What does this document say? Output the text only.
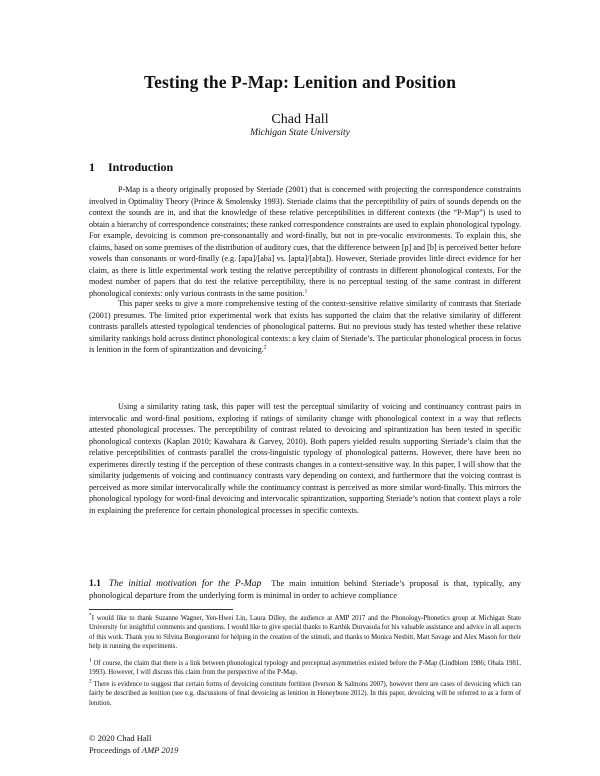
Testing the P-Map: Lenition and Position
Chad Hall
Michigan State University
1 Introduction

P-Map is a theory originally proposed by Steriade (2001) that is concerned with projecting the correspondence constraints involved in Optimality Theory (Prince & Smolensky 1993). Steriade claims that the perceptibility of pairs of sounds depends on the context the sounds are in, and that the knowledge of these relative perceptibilities in different contexts (the “P-Map”) is used to obtain a hierarchy of correspondence constraints; these ranked correspondence constraints are used to explain phonological typology. For example, devoicing is common pre-consonantally and word-finally, but not in pre-vocalic environments. To explain this, she claims, based on some premises of the distribution of auditory cues, that the difference between [p] and [b] is perceived better before vowels than consonants or word-finally (e.g. [apa]/[aba] vs. [apta]/[abta]). However, Steriade provides little direct evidence for her claim, as there is little experimental work testing the relative perceptibility of contrasts in different phonological contexts. For the modest number of papers that do test the relative perceptibility, there is no perceptual testing of the same contrast in different phonological contexts: only various contrasts in the same position.$^1$

This paper seeks to give a more comprehensive testing of the context-sensitive relative similarity of contrasts that Steriade (2001) presumes. The limited prior experimental work that exists has supported the claim that the relative similarity of different contrasts parallels attested typological tendencies of phonological patterns. But no previous study has tested whether these relative similarity rankings hold across distinct phonological contexts: a key claim of Steriade’s. The particular phonological process in focus is lenition in the form of spirantization and devoicing.$^2$

Using a similarity rating task, this paper will test the perceptual similarity of voicing and continuancy contrast pairs in intervocalic and word-final positions, exploring if ratings of similarity change with phonological context in a way that reflects attested phonological processes. The perceptibility of contrast related to devoicing and spirantization has been tested in specific phonological contexts (Kaplan 2010; Kawahara & Garvey, 2010). Both papers yielded results supporting Steriade’s claim that the relative perceptibilities of contrasts parallel the cross-linguistic typology of phonological patterns. However, there have been no experiments directly testing if the perception of these contrasts changes in a context-sensitive way. In this paper, I will show that the similarity judgements of voicing and continuancy contrasts vary depending on context, and furthermore that the voicing contrast is perceived as more similar intervocalically while the continuancy contrast is perceived as more similar word-finally. This mirrors the phonological typology for word-final devoicing and intervocalic spirantization, supporting Steriade’s notion that context plays a role in explaining the preference for certain phonological processes in specific contexts.

1.1 The initial motivation for the P-Map The main intuition behind Steriade’s proposal is that, typically, any phonological departure from the underlying form is minimal in order to achieve compliance

*I would like to thank Suzanne Wagner, Yen-Hwei Lin, Laura Dilley, the audience at AMP 2017 and the Phonology-Phonetics group at Michigan State University for insightful comments and questions. I would like to give special thanks to Karthik Durvasula for his valuable assistance and advice in all aspects of this work. Thank you to Silvina Bongiovanni for helping in the creation of the stimuli, and thanks to Monica Nesbitt, Matt Savage and Alex Mason for their help in running the experiments.

$^1$ Of course, the claim that there is a link between phonological typology and perceptual asymmetries existed before the P-Map (Lindblom 1986; Ohala 1981, 1993). However, I will discuss this claim from the perspective of the P-Map.

$^2$ There is evidence to suggest that certain forms of devoicing constitute fortition (Iverson & Salmons 2007), however there are cases of devoicing which can fairly be described as lenition (see e.g. discussions of final devoicing as lenition in Honeybone 2012). In this paper, devoicing will be referred to as a form of lenition.

© 2020 Chad Hall
Proceedings of AMP 2019
